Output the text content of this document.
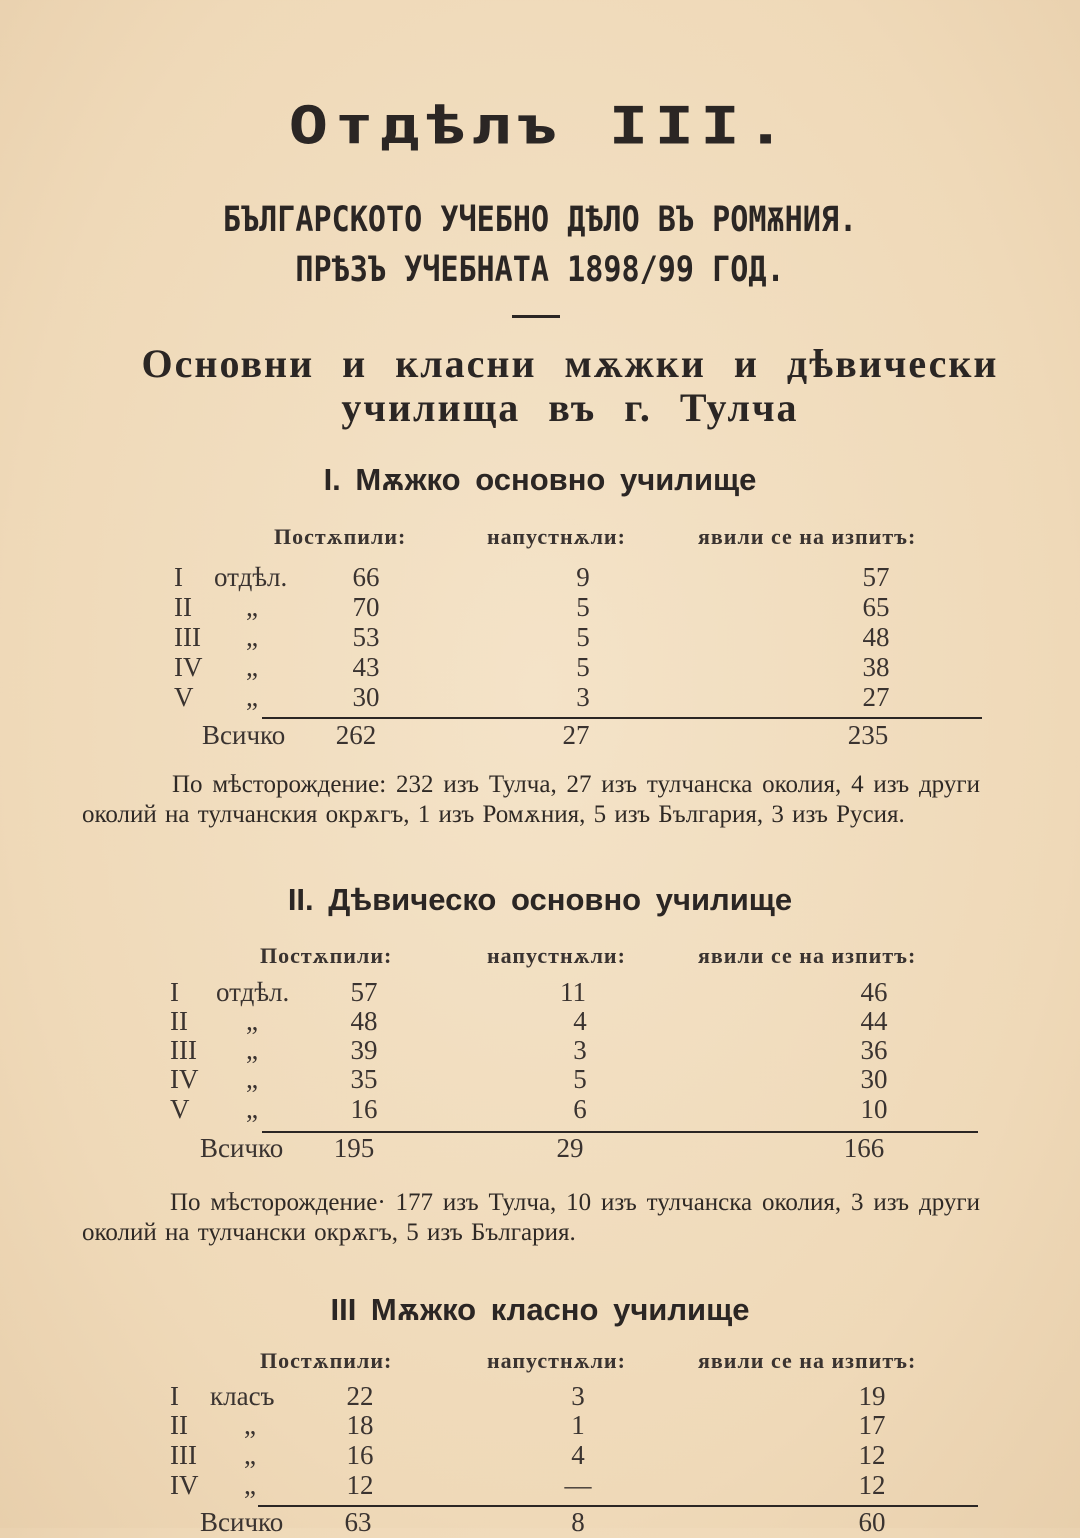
Отдѣлъ III.
БЪЛГАРСКОТО УЧЕБНО ДѢЛО ВЪ РОМѪНИЯ.
ПРѢЗЪ УЧЕБНАТА 1898/99 ГОД.
Основни и класни мѫжки и дѣвически
училища въ г. Тулча
I. Мѫжко основно училище
Постѫпили:	напустнѫли:	явили се на изпитъ:
I отдѣл.	66	9	57
II „	70	5	65
III „	53	5	48
IV „	43	5	38
V „	30	3	27
Всичко	262	27	235
По мѣсторождение: 232 изъ Тулча, 27 изъ тулчанска околия, 4 изъ други околий на тулчанския окрѫгъ, 1 изъ Ромѫния, 5 изъ България, 3 изъ Русия.
II. Дѣвическо основно училище
Постѫпили:	напустнѫли:	явили се на изпитъ:
I отдѣл.	57	11	46
II „	48	4	44
III „	39	3	36
IV „	35	5	30
V „	16	6	10
Всичко	195	29	166
По мѣсторождение· 177 изъ Тулча, 10 изъ тулчанска околия, 3 изъ други околий на тулчански окрѫгъ, 5 изъ България.
III Мѫжко класно училище
Постѫпили:	напустнѫли:	явили се на изпитъ:
I класъ	22	3	19
II „	18	1	17
III „	16	4	12
IV „	12	—	12
Всичко	63	8	60
